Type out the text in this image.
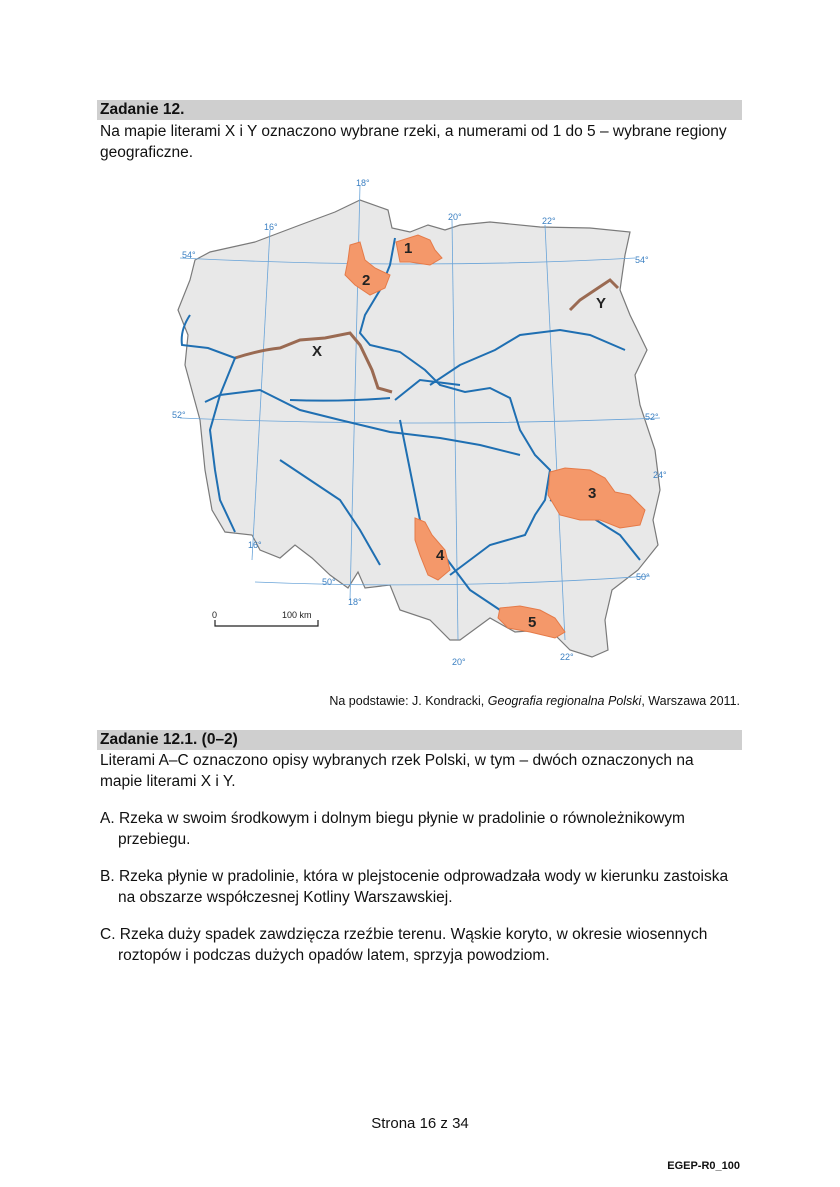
Zadanie 12.
Na mapie literami X i Y oznaczono wybrane rzeki, a numerami od 1 do 5 – wybrane regiony geograficzne.
18°
16°
20°	22°
54°	54°
52°	52°
24°
16°
50°
18°
50°
20°	22°
X
Y
1
2
3
4
5
0	100 km
Na podstawie: J. Kondracki, Geografia regionalna Polski, Warszawa 2011.
Zadanie 12.1. (0–2)
Literami A–C oznaczono opisy wybranych rzek Polski, w tym – dwóch oznaczonych na mapie literami X i Y.
A. Rzeka w swoim środkowym i dolnym biegu płynie w pradolinie o równoleżnikowym przebiegu.
B. Rzeka płynie w pradolinie, która w plejstocenie odprowadzała wody w kierunku zastoiska na obszarze współczesnej Kotliny Warszawskiej.
C. Rzeka duży spadek zawdzięcza rzeźbie terenu. Wąskie koryto, w okresie wiosennych roztopów i podczas dużych opadów latem, sprzyja powodziom.
Strona 16 z 34
EGEP-R0_100
